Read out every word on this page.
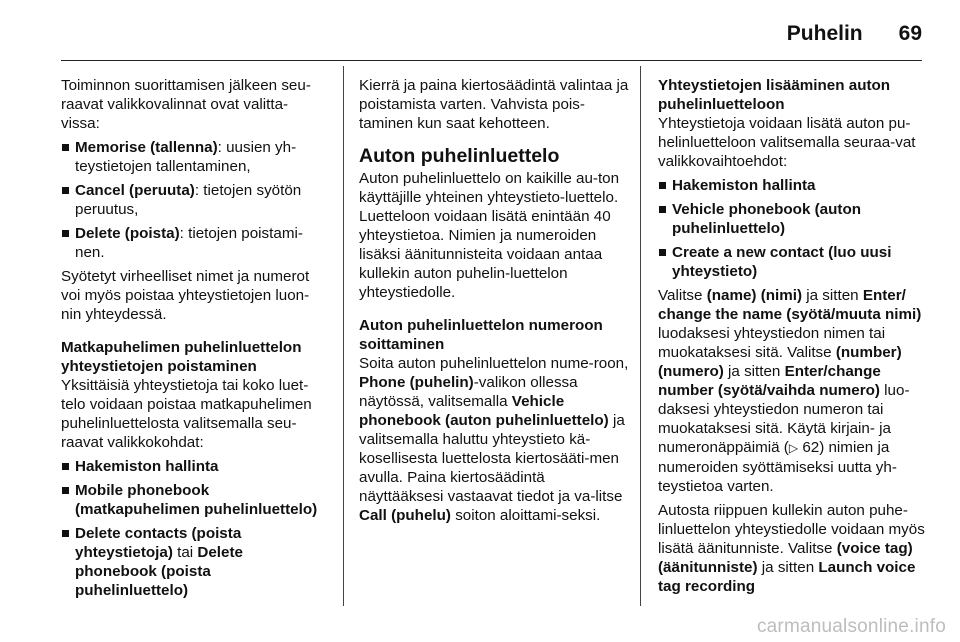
Puhelin 69

Toiminnon suorittamisen jälkeen seu-raavat valikkovalinnat ovat valitta-vissa:

Memorise (tallenna): uusien yh-teystietojen tallentaminen,
Cancel (peruuta): tietojen syötön peruutus,
Delete (poista): tietojen poistami-nen.

Syötetyt virheelliset nimet ja numerot voi myös poistaa yhteystietojen luon-nin yhteydessä.

Matkapuhelimen puhelinluettelon yhteystietojen poistaminen

Yksittäisiä yhteystietoja tai koko luet-telo voidaan poistaa matkapuhelimen puhelinluettelosta valitsemalla seu-raavat valikkokohdat:

Hakemiston hallinta
Mobile phonebook (matkapuhelimen puhelinluettelo)
Delete contacts (poista yhteystietoja) tai Delete phonebook (poista puhelinluettelo)

Kierrä ja paina kiertosäädintä valintaa ja poistamista varten. Vahvista pois-taminen kun saat kehotteen.

Auton puhelinluettelo

Auton puhelinluettelo on kaikille au-ton käyttäjille yhteinen yhteystieto-luettelo. Luetteloon voidaan lisätä enintään 40 yhteystietoa. Nimien ja numeroiden lisäksi äänitunnisteita voidaan antaa kullekin auton puhelin-luettelon yhteystiedolle.

Auton puhelinluettelon numeroon soittaminen

Soita auton puhelinluettelon nume-roon, Phone (puhelin)-valikon ollessa näytössä, valitsemalla Vehicle phonebook (auton puhelinluettelo) ja valitsemalla haluttu yhteystieto kä-kosellisesta luettelosta kiertosääti-men avulla. Paina kiertosäädintä näyttääksesi vastaavat tiedot ja va-litse Call (puhelu) soiton aloittami-seksi.

Yhteystietojen lisääminen auton puhelinluetteloon

Yhteystietoja voidaan lisätä auton pu-helinluetteloon valitsemalla seuraa-vat valikkovaihtoehdot:

Hakemiston hallinta
Vehicle phonebook (auton puhelinluettelo)
Create a new contact (luo uusi yhteystieto)

Valitse (name) (nimi) ja sitten Enter/ change the name (syötä/muuta nimi) luodaksesi yhteystiedon nimen tai muokataksesi sitä. Valitse (number) (numero) ja sitten Enter/change number (syötä/vaihda numero) luo-daksesi yhteystiedon numeron tai muokataksesi sitä. Käytä kirjain- ja numeronäppäimiä (▷ 62) nimien ja numeroiden syöttämiseksi uutta yh-teystietoa varten.

Autosta riippuen kullekin auton puhe-linluettelon yhteystiedolle voidaan myös lisätä äänitunniste. Valitse (voice tag) (äänitunniste) ja sitten Launch voice tag recording

carmanualsonline.info
